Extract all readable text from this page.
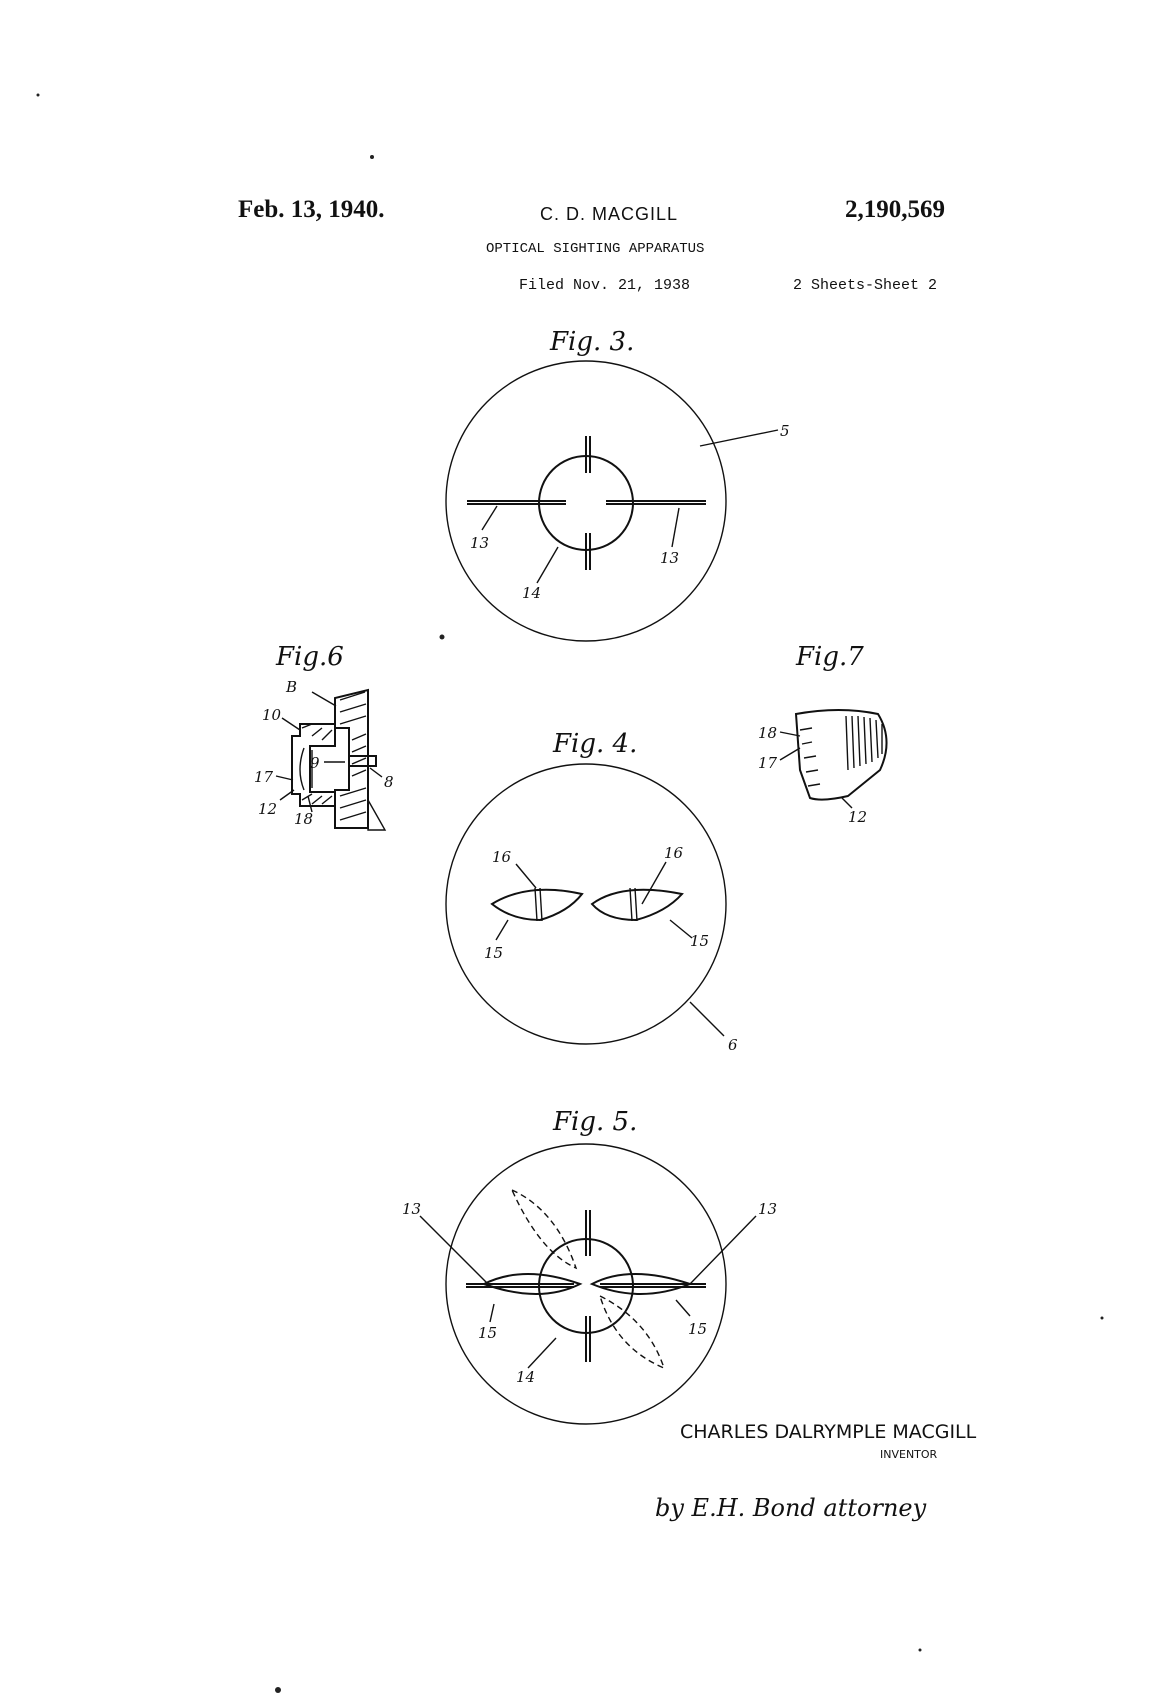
Feb. 13, 1940.	C. D. MACGILL	2,190,569
OPTICAL SIGHTING APPARATUS
Filed Nov. 21, 1938	2 Sheets-Sheet 2
Fig. 3.
5
13
13
14
Fig.6
B
10
9
8
17
12
18
Fig.7
18
17
12
Fig. 4.
16	16
15
15
6
Fig. 5.
13	13
15	15
14
CHARLES DALRYMPLE MACGILL
INVENTOR
by E.H. Bond attorney
